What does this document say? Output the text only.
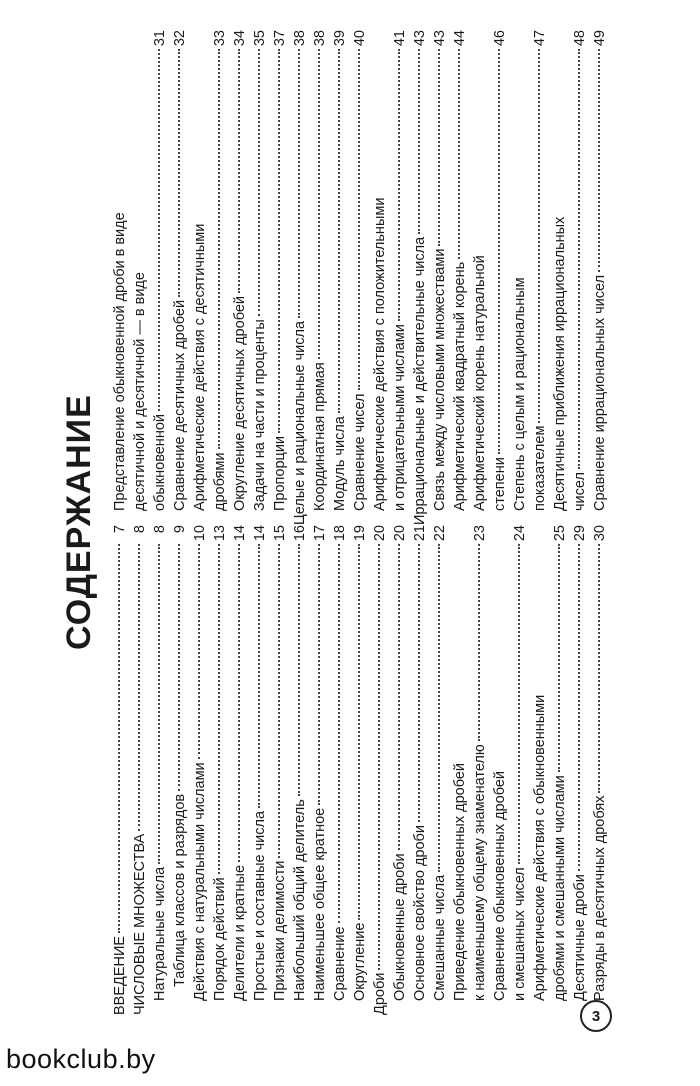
СОДЕРЖАНИЕ
ВВЕДЕНИЕ
7
ЧИСЛОВЫЕ МНОЖЕСТВА
8
Натуральные числа
8
Таблица классов и разрядов
9
Действия с натуральными числами
10
Порядок действий
13
Делители и кратные
14
Простые и составные числа
14
Признаки делимости
15
Наибольший общий делитель
16
Наименьшее общее кратное
17
Сравнение
18
Округление
19
Дроби
20
Обыкновенные дроби
20
Основное свойство дроби
21
Смешанные числа
22
Приведение обыкновенных дробей к наименьшему общему знаменателю
23
Сравнение обыкновенных дробей и смешанных чисел
24
Арифметические действия с обыкновенными дробями и смешанными числами
25
Десятичные дроби
29
Разряды в десятичных дробях
30
Представление обыкновенной дроби в виде десятичной и десятичной — в виде обыкновенной
31
Сравнение десятичных дробей
32
Арифметические действия с десятичными дробями
33
Округление десятичных дробей
34
Задачи на части и проценты
35
Пропорции
37
Целые и рациональные числа
38
Координатная прямая
38
Модуль числа
39
Сравнение чисел
40
Арифметические действия с положительными и отрицательными числами
41
Иррациональные и действительные числа
43
Связь между числовыми множествами
43
Арифметический квадратный корень
44
Арифметический корень натуральной степени
46
Степень с целым и рациональным показателем
47
Десятичные приближения иррациональных чисел
48
Сравнение иррациональных чисел
49
3
bookclub.by
